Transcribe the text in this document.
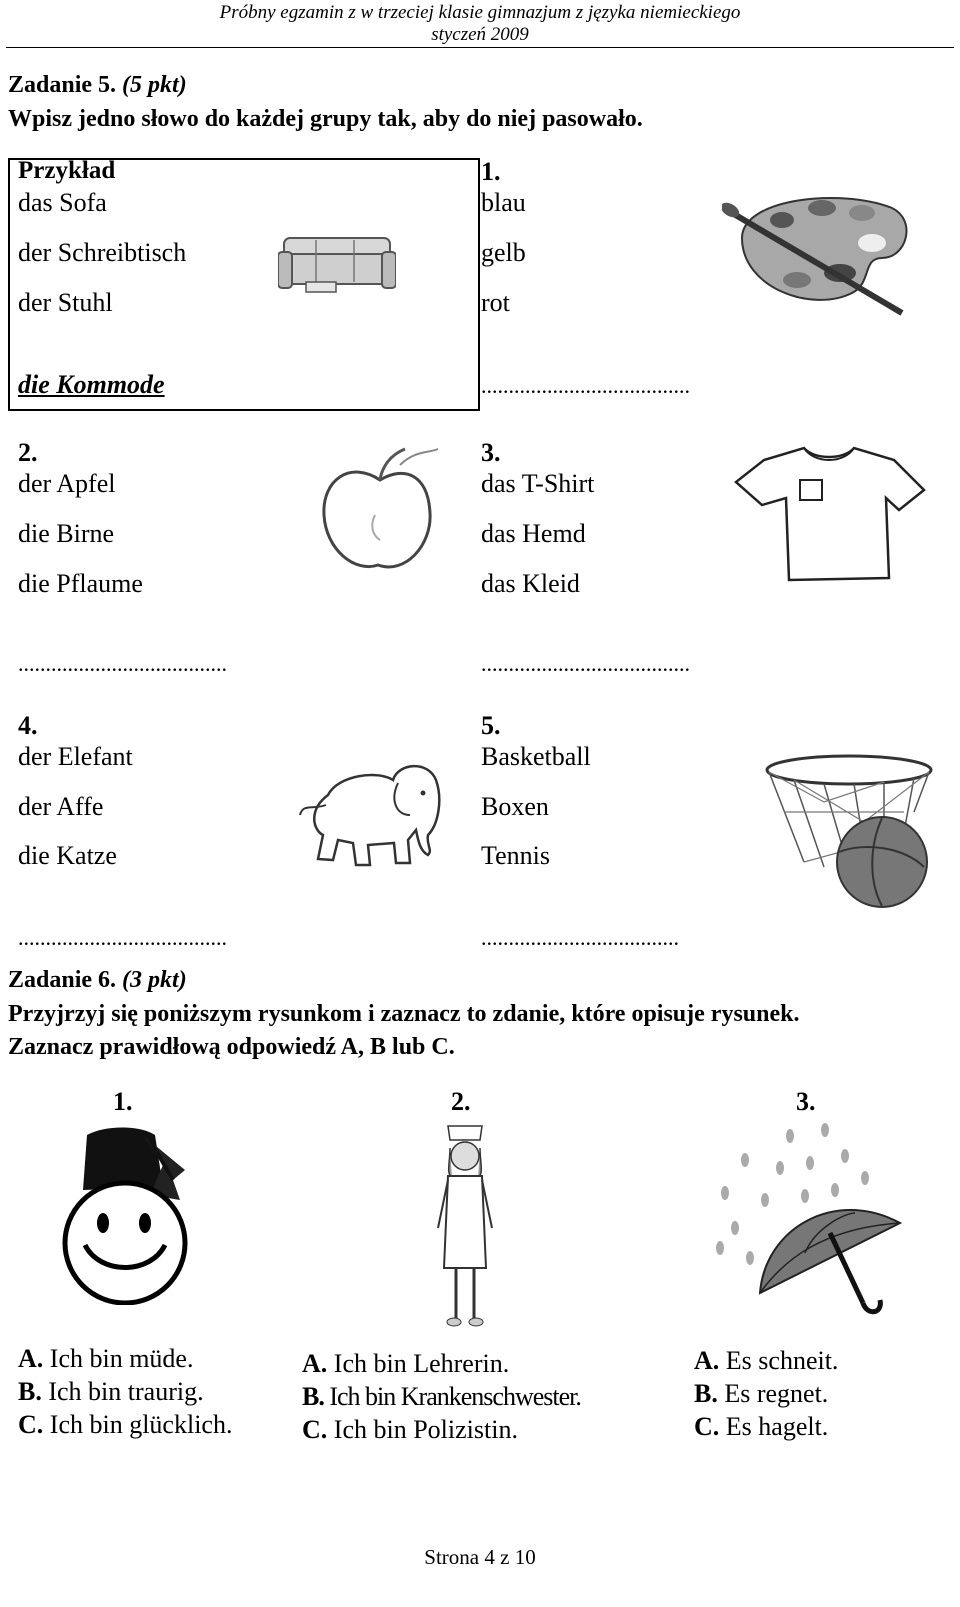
Próbny egzamin z w trzeciej klasie gimnazjum z języka niemieckiego
styczeń 2009
Zadanie 5. (5 pkt)
Wpisz jedno słowo do każdej grupy tak, aby do niej pasowało.
Przykład
das Sofa
der Schreibtisch
der Stuhl
die Kommode
1.
blau
gelb
rot
......................................
2.
der Apfel
die Birne
die Pflaume
......................................
3.
das T-Shirt
das Hemd
das Kleid
......................................
4.
der Elefant
der Affe
die Katze
......................................
5.
Basketball
Boxen
Tennis
....................................
Zadanie 6. (3 pkt)
Przyjrzyj się poniższym rysunkom i zaznacz to zdanie, które opisuje rysunek.
Zaznacz prawidłową odpowiedź A, B lub C.
1.	2.	3.
A. Ich bin müde.
B. Ich bin traurig.
C. Ich bin glücklich.
A. Ich bin Lehrerin.
B. Ich bin Krankenschwester.
C. Ich bin Polizistin.
A. Es schneit.
B. Es regnet.
C. Es hagelt.
Strona 4 z 10
